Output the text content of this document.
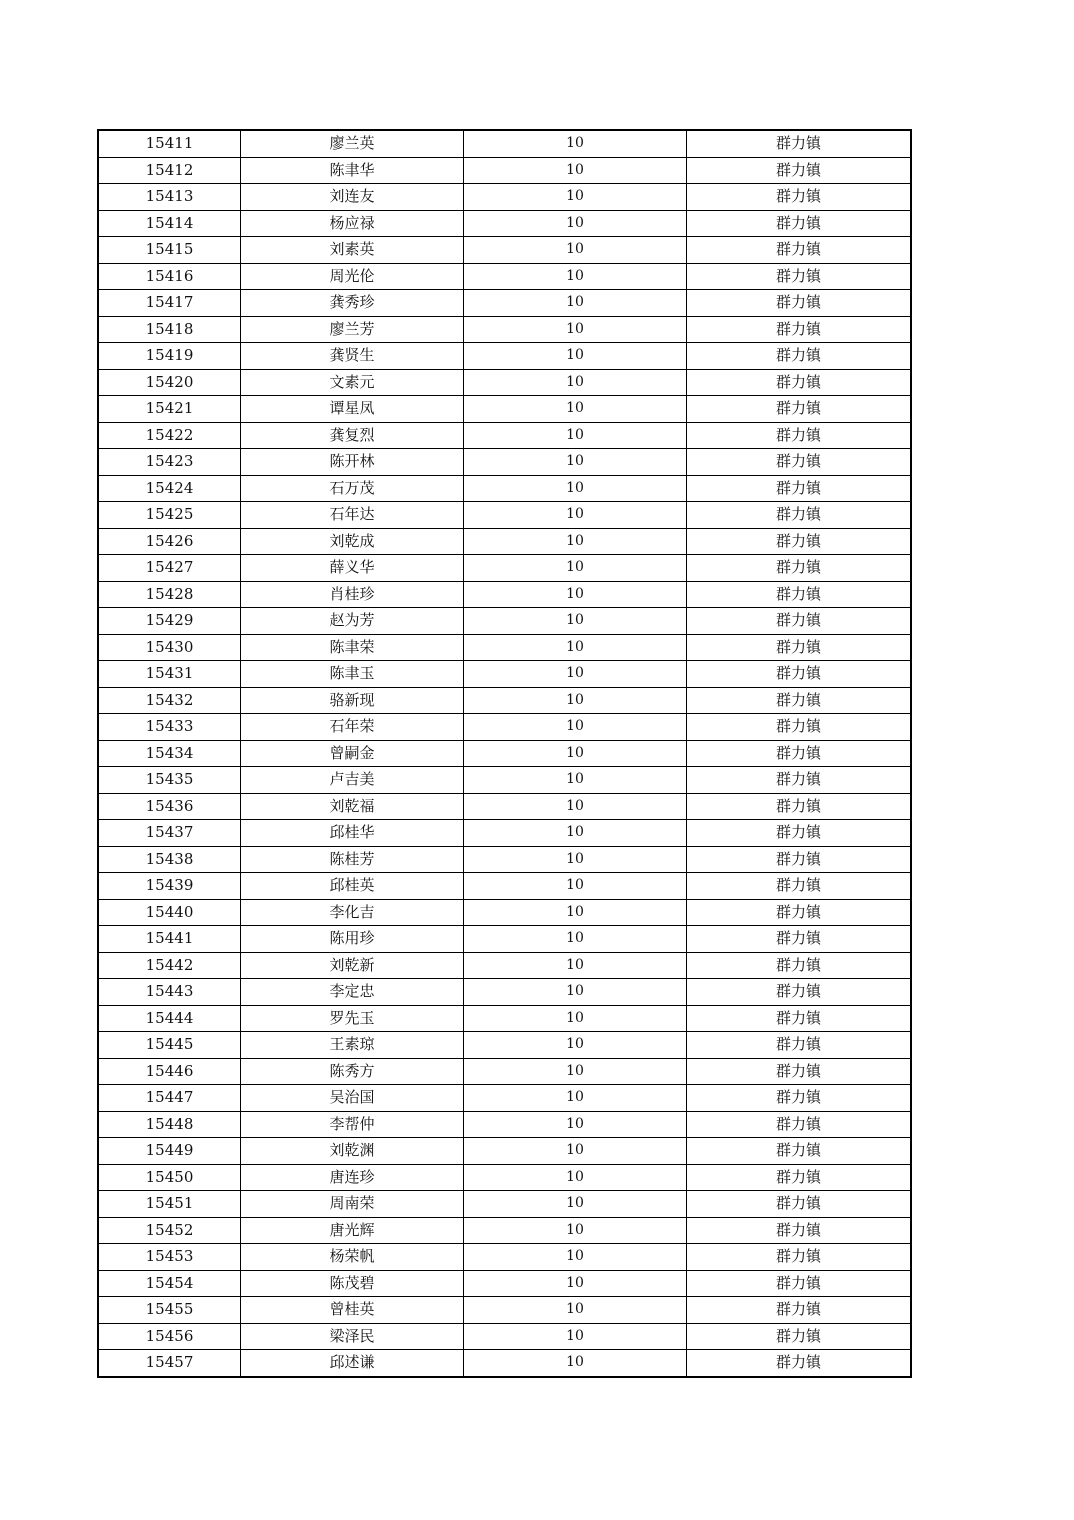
15411	廖兰英	10	群力镇
15412	陈聿华	10	群力镇
15413	刘连友	10	群力镇
15414	杨应禄	10	群力镇
15415	刘素英	10	群力镇
15416	周光伦	10	群力镇
15417	龚秀珍	10	群力镇
15418	廖兰芳	10	群力镇
15419	龚贤生	10	群力镇
15420	文素元	10	群力镇
15421	谭星凤	10	群力镇
15422	龚复烈	10	群力镇
15423	陈开林	10	群力镇
15424	石万茂	10	群力镇
15425	石年达	10	群力镇
15426	刘乾成	10	群力镇
15427	薛义华	10	群力镇
15428	肖桂珍	10	群力镇
15429	赵为芳	10	群力镇
15430	陈聿荣	10	群力镇
15431	陈聿玉	10	群力镇
15432	骆新现	10	群力镇
15433	石年荣	10	群力镇
15434	曾嗣金	10	群力镇
15435	卢吉美	10	群力镇
15436	刘乾福	10	群力镇
15437	邱桂华	10	群力镇
15438	陈桂芳	10	群力镇
15439	邱桂英	10	群力镇
15440	李化吉	10	群力镇
15441	陈用珍	10	群力镇
15442	刘乾新	10	群力镇
15443	李定忠	10	群力镇
15444	罗先玉	10	群力镇
15445	王素琼	10	群力镇
15446	陈秀方	10	群力镇
15447	吴治国	10	群力镇
15448	李帮仲	10	群力镇
15449	刘乾渊	10	群力镇
15450	唐连珍	10	群力镇
15451	周南荣	10	群力镇
15452	唐光辉	10	群力镇
15453	杨荣帆	10	群力镇
15454	陈茂碧	10	群力镇
15455	曾桂英	10	群力镇
15456	梁泽民	10	群力镇
15457	邱述谦	10	群力镇
